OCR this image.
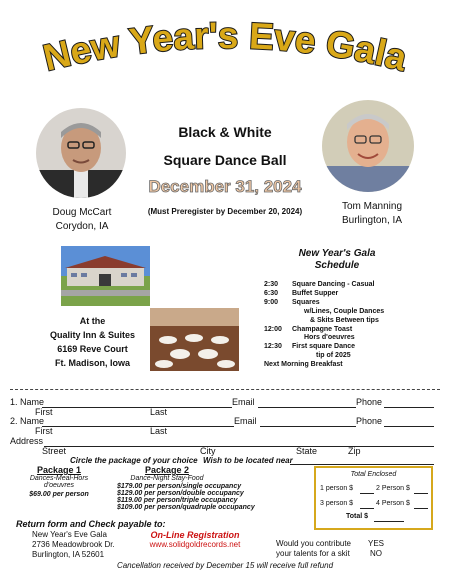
New Year's Eve Gala
Black & White
Square Dance Ball
Doug McCart
Corydon, IA
Tom Manning
Burlington, IA
December 31, 2024
(Must Preregister by December 20, 2024)
At the
Quality Inn & Suites
6169 Reve Court
Ft. Madison, Iowa
New Year's Gala
Schedule
2:30	Square Dancing - Casual
6:30	Buffet Supper
9:00	Squares
w/Lines, Couple Dances
& Skits Between tips
12:00	Champagne Toast
Hors d'oeuvres
12:30	First square Dance
tip of 2025
Next Morning Breakfast
1. Name	Email	Phone
First	Last
2. Name	Email	Phone
First	Last
Address
Street	City	State	Zip
Circle the package of your choice Wish to be located near
Package 1
Dances-Meal-Hors d'oeuvres
$69.00 per person
Package 2
Dance-Night Stay-Food
$179.00 per person/single occupancy
$129.00 per person/double occupancy
$119.00 per person/triple occupancy
$109.00 per person/quadruple occupancy
Total Enclosed
1 person $	2 Person $
3 person $	4 Person $
Total $
Return form and Check payable to:
New Year's Eve Gala
2736 Meadowbrook Dr.
Burlington, IA 52601
On-Line Registration
www.solidgoldrecords.net	Would you contribute
your talents for a skit
YES
NO
Cancellation received by December 15 will receive full refund
